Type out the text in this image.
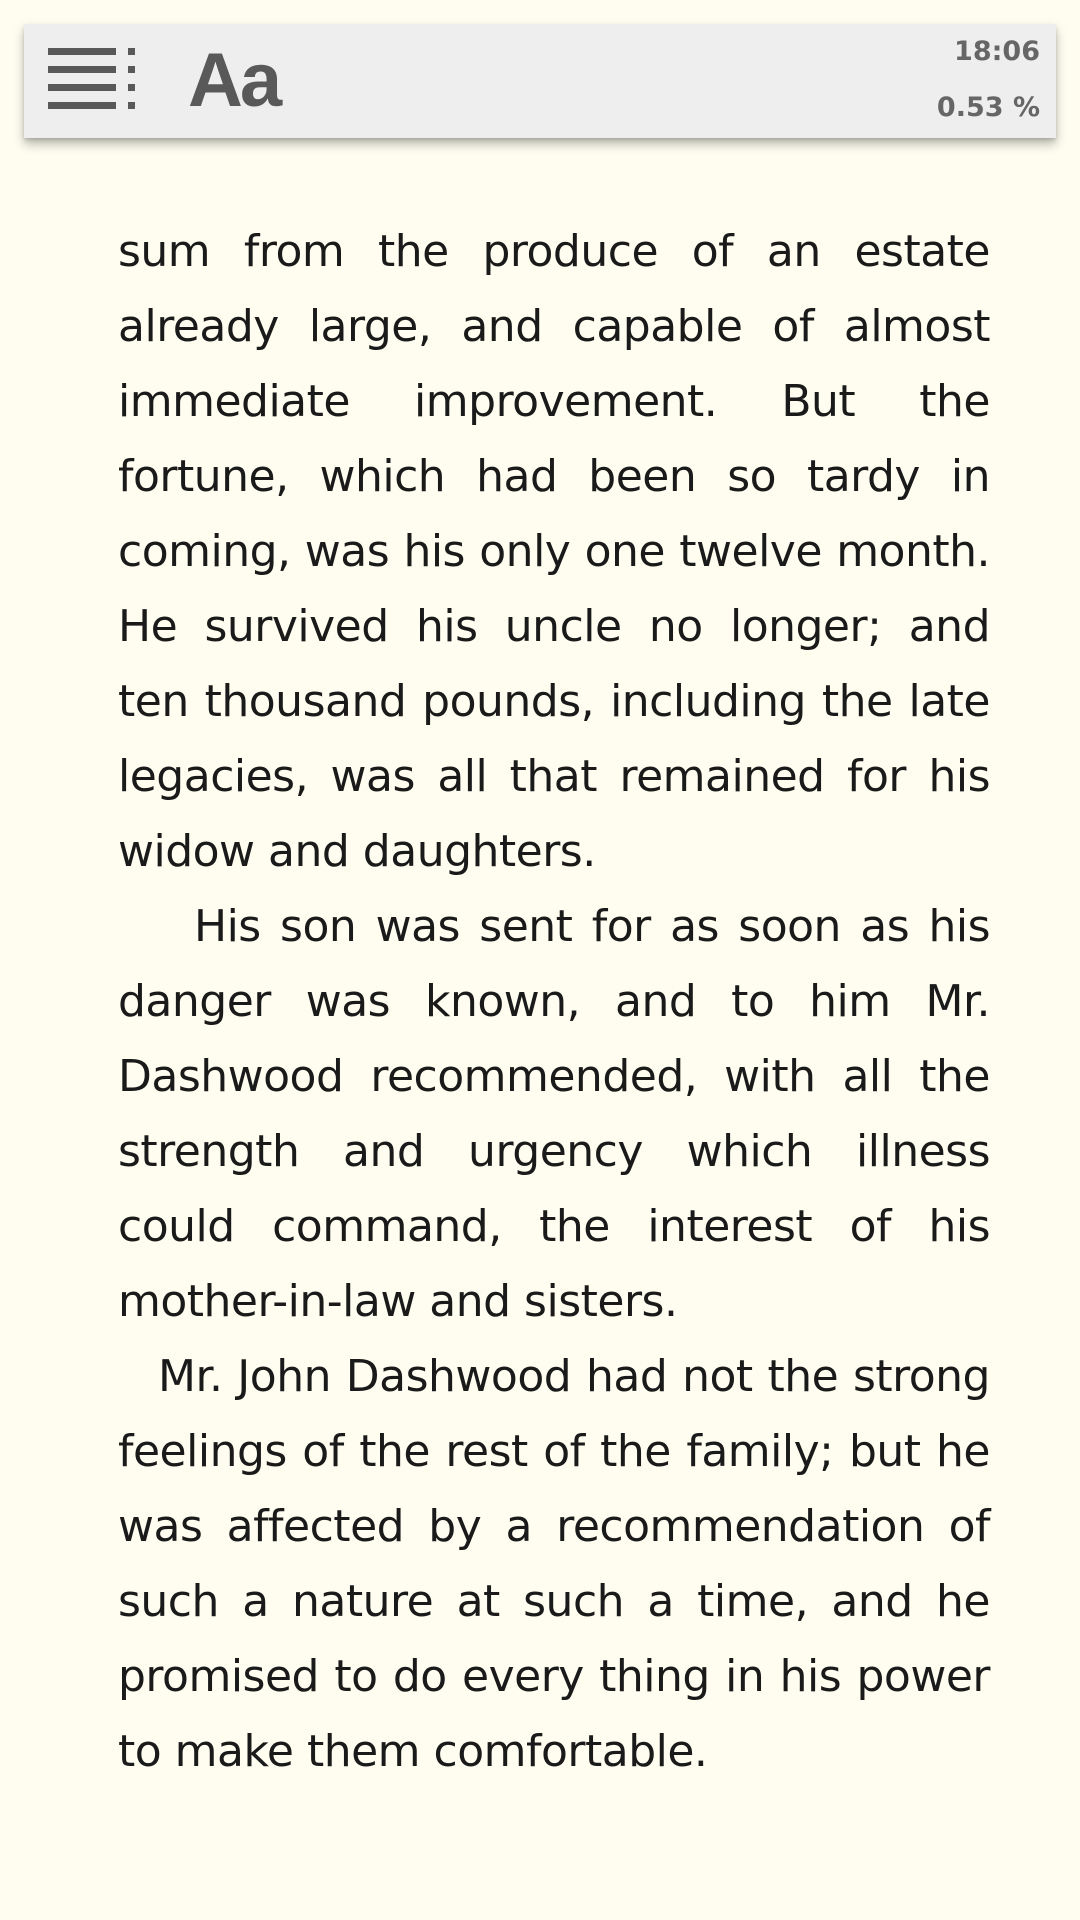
Aa	18:06
0.53 %

sum from the produce of an estate already large, and capable of almost immediate improvement. But the fortune, which had been so tardy in coming, was his only one twelve month. He survived his uncle no longer; and ten thousand pounds, including the late legacies, was all that remained for his widow and daughters.

His son was sent for as soon as his danger was known, and to him Mr. Dashwood recommended, with all the strength and urgency which illness could command, the interest of his mother-in-law and sisters.

Mr. John Dashwood had not the strong feelings of the rest of the family; but he was affected by a recommendation of such a nature at such a time, and he promised to do every thing in his power to make them comfortable.
